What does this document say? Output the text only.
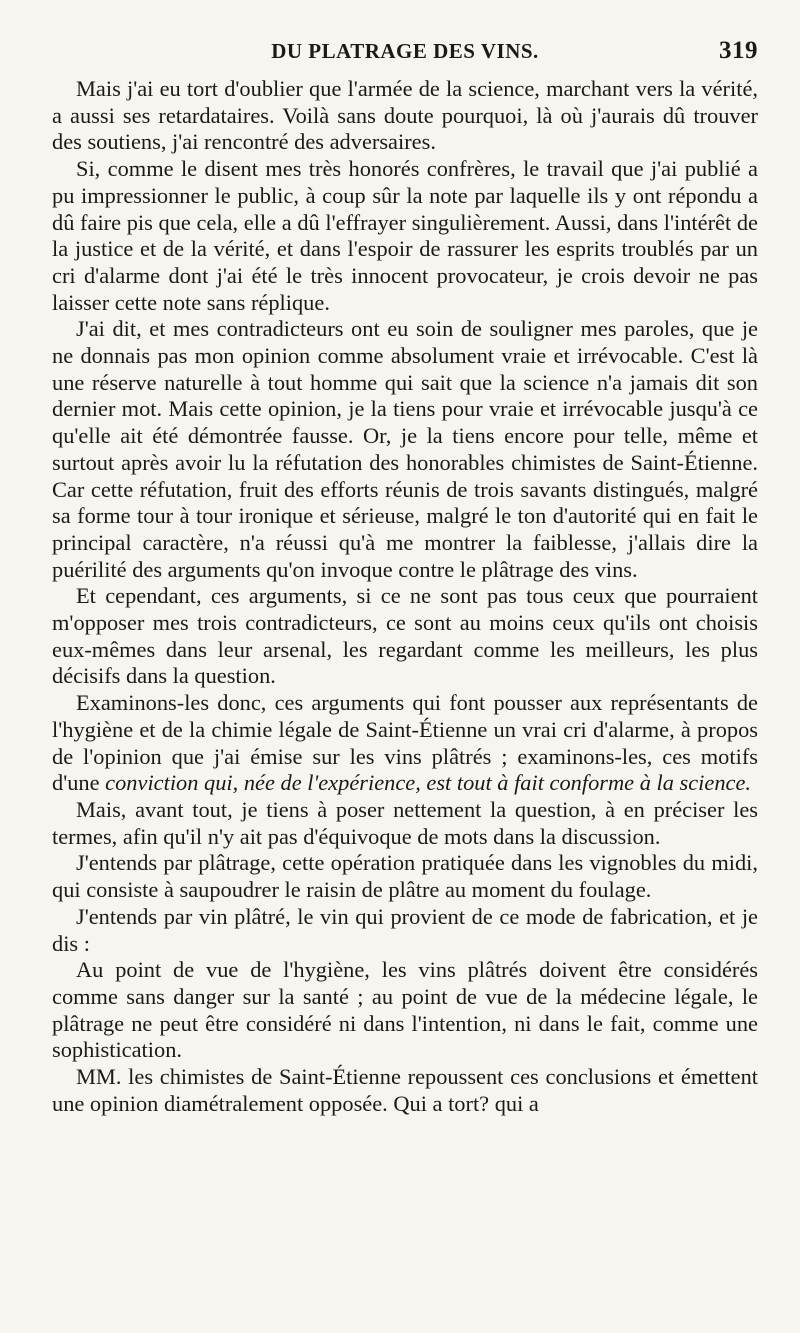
DU PLATRAGE DES VINS.	319

Mais j'ai eu tort d'oublier que l'armée de la science, marchant vers la vérité, a aussi ses retardataires. Voilà sans doute pourquoi, là où j'aurais dû trouver des soutiens, j'ai rencontré des adversaires.

Si, comme le disent mes très honorés confrères, le travail que j'ai publié a pu impressionner le public, à coup sûr la note par laquelle ils y ont répondu a dû faire pis que cela, elle a dû l'effrayer singulièrement. Aussi, dans l'intérêt de la justice et de la vérité, et dans l'espoir de rassurer les esprits troublés par un cri d'alarme dont j'ai été le très innocent provocateur, je crois devoir ne pas laisser cette note sans réplique.

J'ai dit, et mes contradicteurs ont eu soin de souligner mes paroles, que je ne donnais pas mon opinion comme absolument vraie et irrévocable. C'est là une réserve naturelle à tout homme qui sait que la science n'a jamais dit son dernier mot. Mais cette opinion, je la tiens pour vraie et irrévocable jusqu'à ce qu'elle ait été démontrée fausse. Or, je la tiens encore pour telle, même et surtout après avoir lu la réfutation des honorables chimistes de Saint-Étienne. Car cette réfutation, fruit des efforts réunis de trois savants distingués, malgré sa forme tour à tour ironique et sérieuse, malgré le ton d'autorité qui en fait le principal caractère, n'a réussi qu'à me montrer la faiblesse, j'allais dire la puérilité des arguments qu'on invoque contre le plâtrage des vins.

Et cependant, ces arguments, si ce ne sont pas tous ceux que pourraient m'opposer mes trois contradicteurs, ce sont au moins ceux qu'ils ont choisis eux-mêmes dans leur arsenal, les regardant comme les meilleurs, les plus décisifs dans la question.

Examinons-les donc, ces arguments qui font pousser aux représentants de l'hygiène et de la chimie légale de Saint-Étienne un vrai cri d'alarme, à propos de l'opinion que j'ai émise sur les vins plâtrés ; examinons-les, ces motifs d'une conviction qui, née de l'expérience, est tout à fait conforme à la science.

Mais, avant tout, je tiens à poser nettement la question, à en préciser les termes, afin qu'il n'y ait pas d'équivoque de mots dans la discussion.

J'entends par plâtrage, cette opération pratiquée dans les vignobles du midi, qui consiste à saupoudrer le raisin de plâtre au moment du foulage.

J'entends par vin plâtré, le vin qui provient de ce mode de fabrication, et je dis :

Au point de vue de l'hygiène, les vins plâtrés doivent être considérés comme sans danger sur la santé ; au point de vue de la médecine légale, le plâtrage ne peut être considéré ni dans l'intention, ni dans le fait, comme une sophistication.

MM. les chimistes de Saint-Étienne repoussent ces conclusions et émettent une opinion diamétralement opposée. Qui a tort? qui a
